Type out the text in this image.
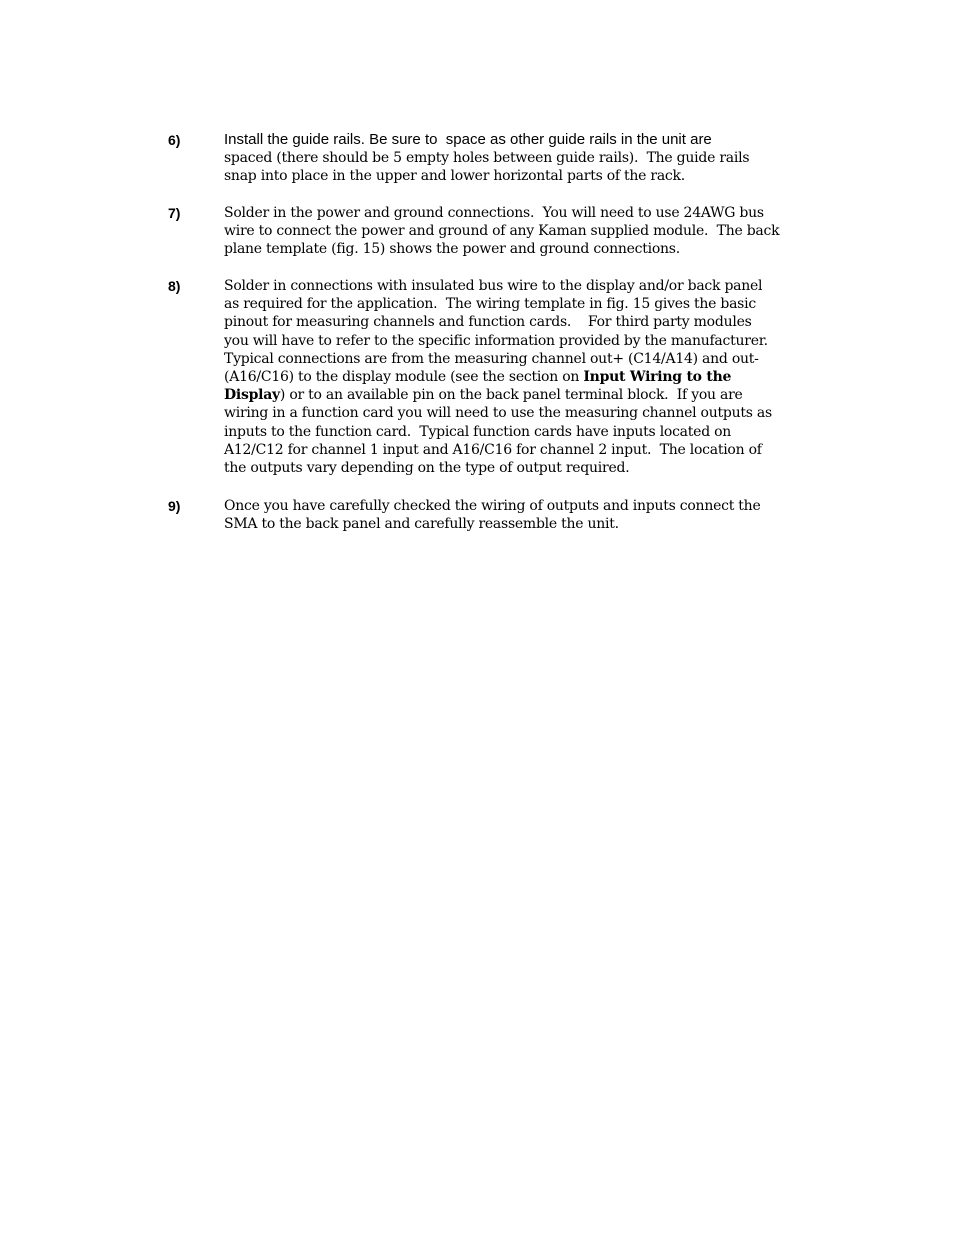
6)	Install the guide rails. Be sure to  space as other guide rails in the unit are
spaced (there should be 5 empty holes between guide rails).  The guide rails
snap into place in the upper and lower horizontal parts of the rack.
7)	Solder in the power and ground connections.  You will need to use 24AWG bus
wire to connect the power and ground of any Kaman supplied module.  The back
plane template (fig. 15) shows the power and ground connections.
8)	Solder in connections with insulated bus wire to the display and/or back panel
as required for the application.  The wiring template in fig. 15 gives the basic
pinout for measuring channels and function cards.    For third party modules
you will have to refer to the specific information provided by the manufacturer.
Typical connections are from the measuring channel out+ (C14/A14) and out-
(A16/C16) to the display module (see the section on Input Wiring to the
Display) or to an available pin on the back panel terminal block.  If you are
wiring in a function card you will need to use the measuring channel outputs as
inputs to the function card.  Typical function cards have inputs located on
A12/C12 for channel 1 input and A16/C16 for channel 2 input.  The location of
the outputs vary depending on the type of output required.
9)	Once you have carefully checked the wiring of outputs and inputs connect the
SMA to the back panel and carefully reassemble the unit.
